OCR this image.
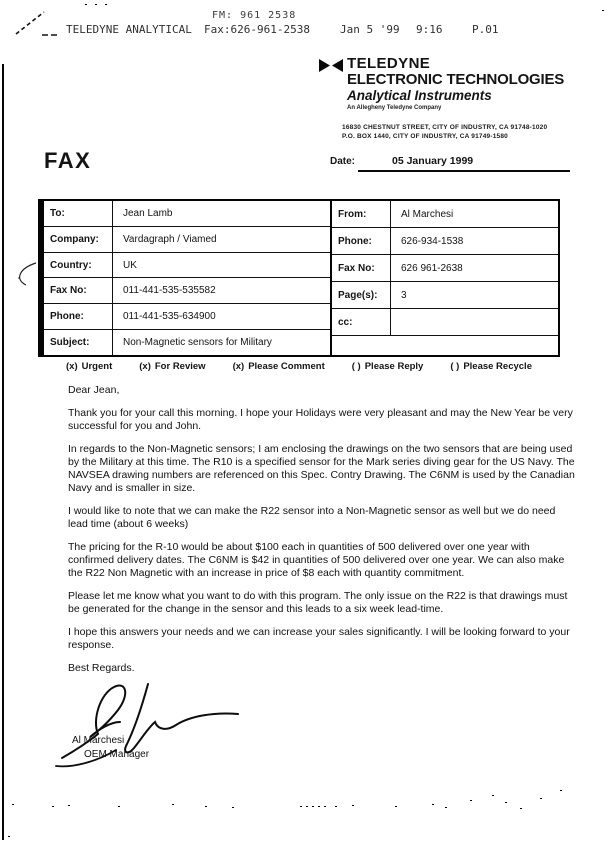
FM: 961 2538
TELEDYNE ANALYTICAL Fax:626-961-2538	Jan 5 '99 9:16	P.01
TELEDYNE
ELECTRONIC TECHNOLOGIES
Analytical Instruments
An Allegheny Teledyne Company
16830 CHESTNUT STREET, CITY OF INDUSTRY, CA 91748-1020
P.O. BOX 1440, CITY OF INDUSTRY, CA 91749-1580
FAX	Date:	05 January 1999
To:	Jean Lamb
Company:	Vardagraph / Viamed
Country:	UK
Fax No:	011-441-535-535582
Phone:	011-441-535-634900
Subject:	Non-Magnetic sensors for Military
From:	Al Marchesi
Phone:	626-934-1538
Fax No:	626 961-2638
Page(s):	3
cc:
(x) Urgent	(x) For Review	(x) Please Comment	( ) Please Reply	( ) Please Recycle

Dear Jean,

Thank you for your call this morning. I hope your Holidays were very pleasant and may the New Year be very successful for you and John.

In regards to the Non-Magnetic sensors; I am enclosing the drawings on the two sensors that are being used by the Military at this time. The R10 is a specified sensor for the Mark series diving gear for the US Navy. The NAVSEA drawing numbers are referenced on this Spec. Contry Drawing. The C6NM is used by the Canadian Navy and is smaller in size.

I would like to note that we can make the R22 sensor into a Non-Magnetic sensor as well but we do need lead time (about 6 weeks)

The pricing for the R-10 would be about $100 each in quantities of 500 delivered over one year with confirmed delivery dates. The C6NM is $42 in quantities of 500 delivered over one year. We can also make the R22 Non Magnetic with an increase in price of $8 each with quantity commitment.

Please let me know what you want to do with this program. The only issue on the R22 is that drawings must be generated for the change in the sensor and this leads to a six week lead-time.

I hope this answers your needs and we can increase your sales significantly. I will be looking forward to your response.

Best Regards.

Al Marchesi
OEM Manager
